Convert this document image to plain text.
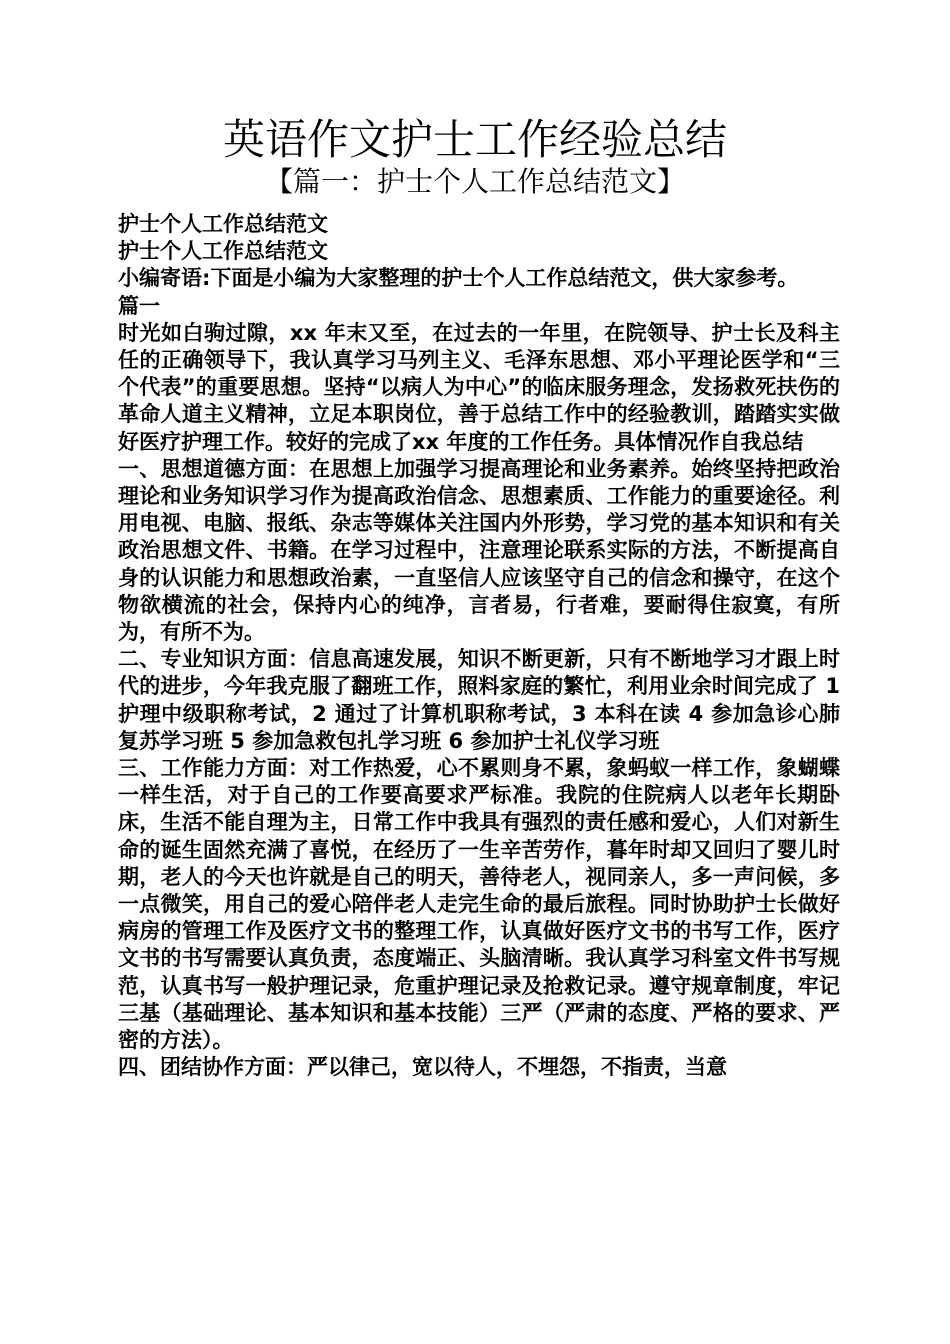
英语作文护士工作经验总结
【篇一：护士个人工作总结范文】

护士个人工作总结范文

护士个人工作总结范文

小编寄语:下面是小编为大家整理的护士个人工作总结范文，供大家参考。

篇一

时光如白驹过隙，xx 年末又至，在过去的一年里，在院领导、护士长及科主任的正确领导下，我认真学习马列主义、毛泽东思想、邓小平理论医学和“三个代表”的重要思想。坚持“以病人为中心”的临床服务理念，发扬救死扶伤的革命人道主义精神，立足本职岗位，善于总结工作中的经验教训，踏踏实实做好医疗护理工作。较好的完成了xx 年度的工作任务。具体情况作自我总结

一、思想道德方面：在思想上加强学习提高理论和业务素养。始终坚持把政治理论和业务知识学习作为提高政治信念、思想素质、工作能力的重要途径。利用电视、电脑、报纸、杂志等媒体关注国内外形势，学习党的基本知识和有关政治思想文件、书籍。在学习过程中，注意理论联系实际的方法，不断提高自身的认识能力和思想政治素，一直坚信人应该坚守自己的信念和操守，在这个物欲横流的社会，保持内心的纯净，言者易，行者难，要耐得住寂寞，有所为，有所不为。

二、专业知识方面：信息高速发展，知识不断更新，只有不断地学习才跟上时代的进步，今年我克服了翻班工作，照料家庭的繁忙，利用业余时间完成了 1 护理中级职称考试，2 通过了计算机职称考试，3 本科在读 4 参加急诊心肺复苏学习班 5 参加急救包扎学习班 6 参加护士礼仪学习班

三、工作能力方面：对工作热爱，心不累则身不累，象蚂蚁一样工作，象蝴蝶一样生活，对于自己的工作要高要求严标准。我院的住院病人以老年长期卧床，生活不能自理为主，日常工作中我具有强烈的责任感和爱心，人们对新生命的诞生固然充满了喜悦，在经历了一生辛苦劳作，暮年时却又回归了婴儿时期，老人的今天也许就是自己的明天，善待老人，视同亲人，多一声问候，多一点微笑，用自己的爱心陪伴老人走完生命的最后旅程。同时协助护士长做好病房的管理工作及医疗文书的整理工作，认真做好医疗文书的书写工作，医疗文书的书写需要认真负责，态度端正、头脑清晰。我认真学习科室文件书写规范，认真书写一般护理记录，危重护理记录及抢救记录。遵守规章制度，牢记三基（基础理论、基本知识和基本技能）三严（严肃的态度、严格的要求、严密的方法）。

四、团结协作方面：严以律己，宽以待人，不埋怨，不指责，当意
